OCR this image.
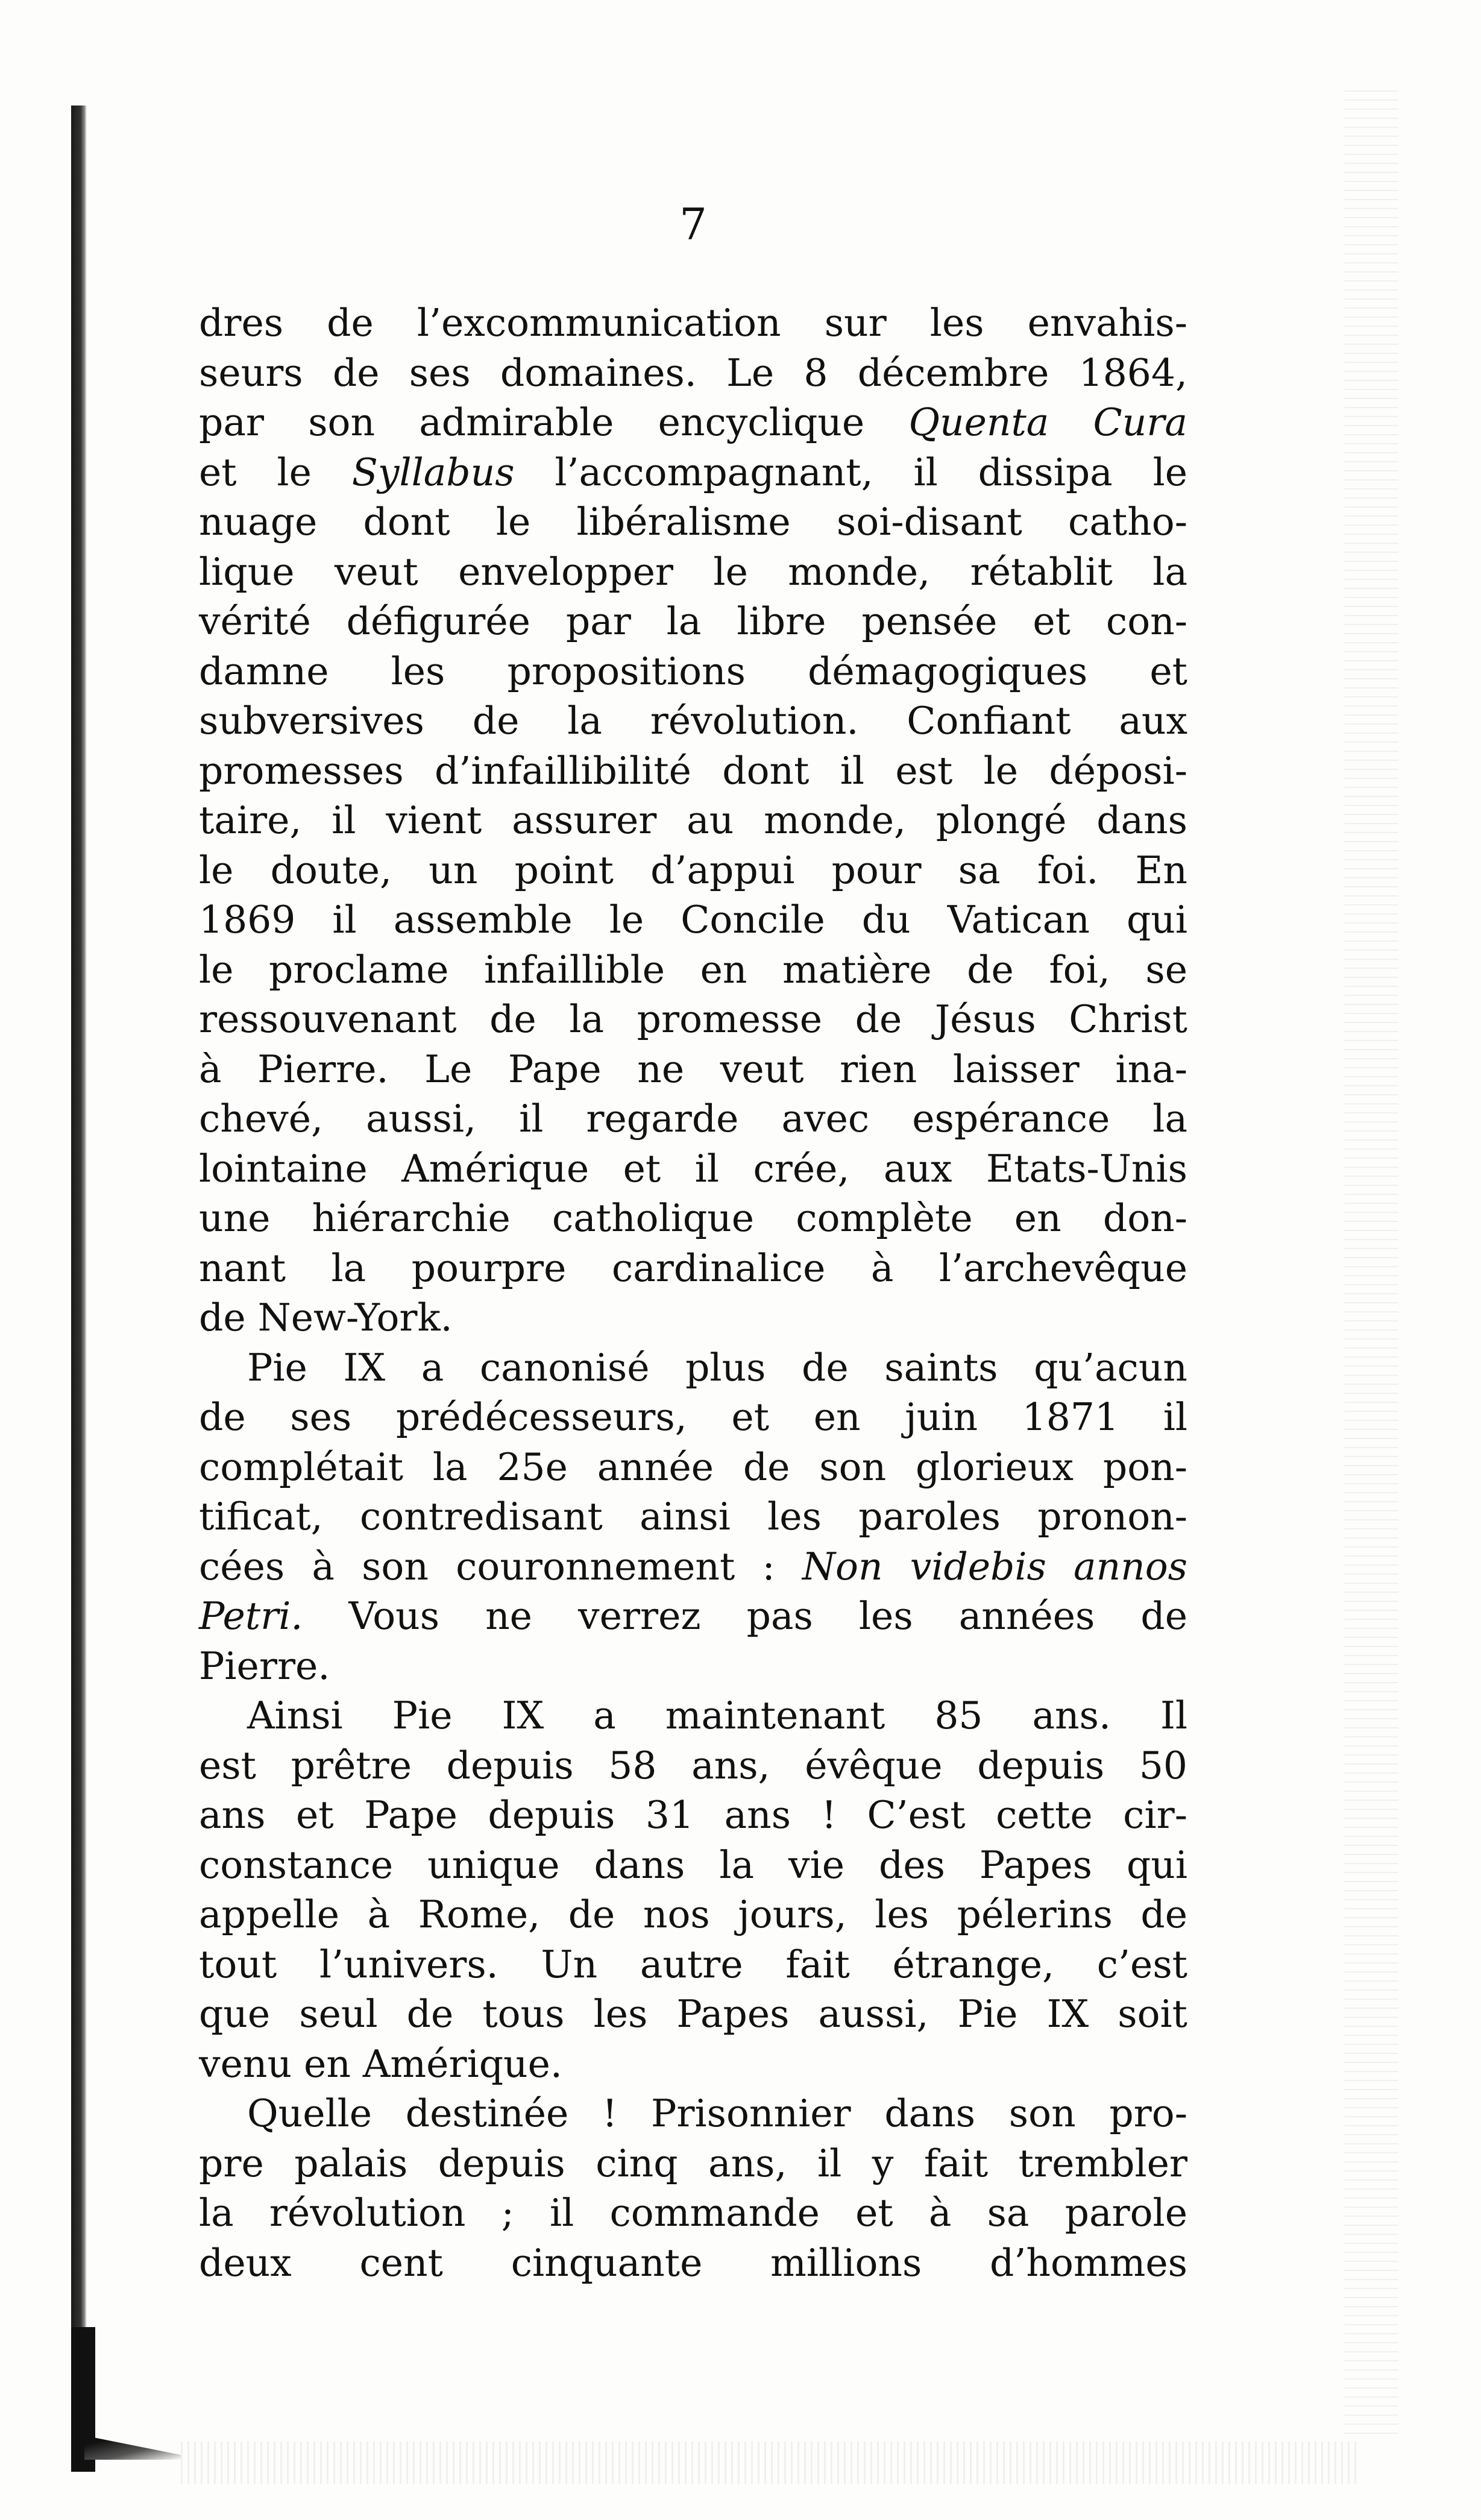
7
dres de l’excommunication sur les envahis-
seurs de ses domaines. Le 8 décembre 1864,
par son admirable encyclique Quenta Cura
et le Syllabus l’accompagnant, il dissipa le
nuage dont le libéralisme soi-disant catho-
lique veut envelopper le monde, rétablit la
vérité défigurée par la libre pensée et con-
damne les propositions démagogiques et
subversives de la révolution. Confiant aux
promesses d’infaillibilité dont il est le déposi-
taire, il vient assurer au monde, plongé dans
le doute, un point d’appui pour sa foi. En
1869 il assemble le Concile du Vatican qui
le proclame infaillible en matière de foi, se
ressouvenant de la promesse de Jésus Christ
à Pierre. Le Pape ne veut rien laisser ina-
chevé, aussi, il regarde avec espérance la
lointaine Amérique et il crée, aux Etats-Unis
une hiérarchie catholique complète en don-
nant la pourpre cardinalice à l’archevêque
de New-York.
Pie IX a canonisé plus de saints qu’acun
de ses prédécesseurs, et en juin 1871 il
complétait la 25e année de son glorieux pon-
tificat, contredisant ainsi les paroles pronon-
cées à son couronnement : Non videbis annos
Petri. Vous ne verrez pas les années de
Pierre.
Ainsi Pie IX a maintenant 85 ans. Il
est prêtre depuis 58 ans, évêque depuis 50
ans et Pape depuis 31 ans ! C’est cette cir-
constance unique dans la vie des Papes qui
appelle à Rome, de nos jours, les pélerins de
tout l’univers. Un autre fait étrange, c’est
que seul de tous les Papes aussi, Pie IX soit
venu en Amérique.
Quelle destinée ! Prisonnier dans son pro-
pre palais depuis cinq ans, il y fait trembler
la révolution ; il commande et à sa parole
deux cent cinquante millions d’hommes
